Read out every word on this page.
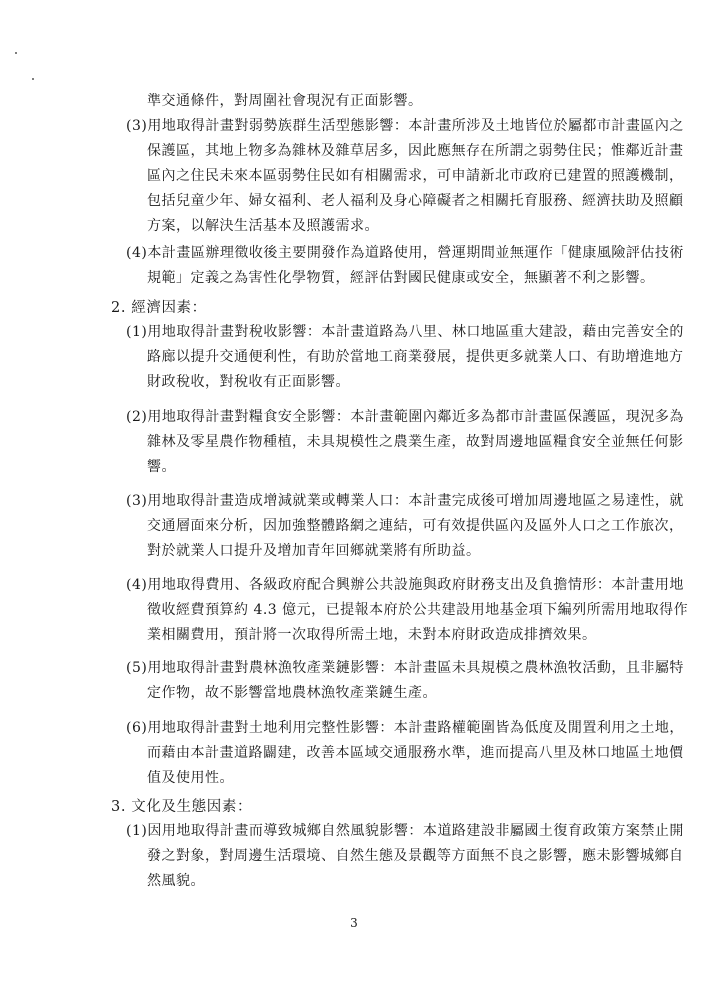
準交通條件，對周圍社會現況有正面影響。
(3)用地取得計畫對弱勢族群生活型態影響：本計畫所涉及土地皆位於屬都市計畫區內之
保護區，其地上物多為雜林及雜草居多，因此應無存在所謂之弱勢住民；惟鄰近計畫
區內之住民未來本區弱勢住民如有相關需求，可申請新北市政府已建置的照護機制，
包括兒童少年、婦女福利、老人福利及身心障礙者之相關托育服務、經濟扶助及照顧
方案，以解決生活基本及照護需求。
(4)本計畫區辦理徵收後主要開發作為道路使用，營運期間並無運作「健康風險評估技術
規範」定義之為害性化學物質，經評估對國民健康或安全，無顯著不利之影響。
2. 經濟因素：
(1)用地取得計畫對稅收影響：本計畫道路為八里、林口地區重大建設，藉由完善安全的
路廊以提升交通便利性，有助於當地工商業發展，提供更多就業人口、有助增進地方
財政稅收，對稅收有正面影響。
(2)用地取得計畫對糧食安全影響：本計畫範圍內鄰近多為都市計畫區保護區，現況多為
雜林及零星農作物種植，未具規模性之農業生產，故對周邊地區糧食安全並無任何影
響。
(3)用地取得計畫造成增減就業或轉業人口：本計畫完成後可增加周邊地區之易達性，就
交通層面來分析，因加強整體路網之連結，可有效提供區內及區外人口之工作旅次，
對於就業人口提升及增加青年回鄉就業將有所助益。
(4)用地取得費用、各級政府配合興辦公共設施與政府財務支出及負擔情形：本計畫用地
徵收經費預算約 4.3 億元，已提報本府於公共建設用地基金項下編列所需用地取得作
業相關費用，預計將一次取得所需土地，未對本府財政造成排擠效果。
(5)用地取得計畫對農林漁牧產業鏈影響：本計畫區未具規模之農林漁牧活動，且非屬特
定作物，故不影響當地農林漁牧產業鏈生產。
(6)用地取得計畫對土地利用完整性影響：本計畫路權範圍皆為低度及閒置利用之土地，
而藉由本計畫道路闢建，改善本區域交通服務水準，進而提高八里及林口地區土地價
值及使用性。
3. 文化及生態因素：
(1)因用地取得計畫而導致城鄉自然風貌影響：本道路建設非屬國土復育政策方案禁止開
發之對象，對周邊生活環境、自然生態及景觀等方面無不良之影響，應未影響城鄉自
然風貌。
3
